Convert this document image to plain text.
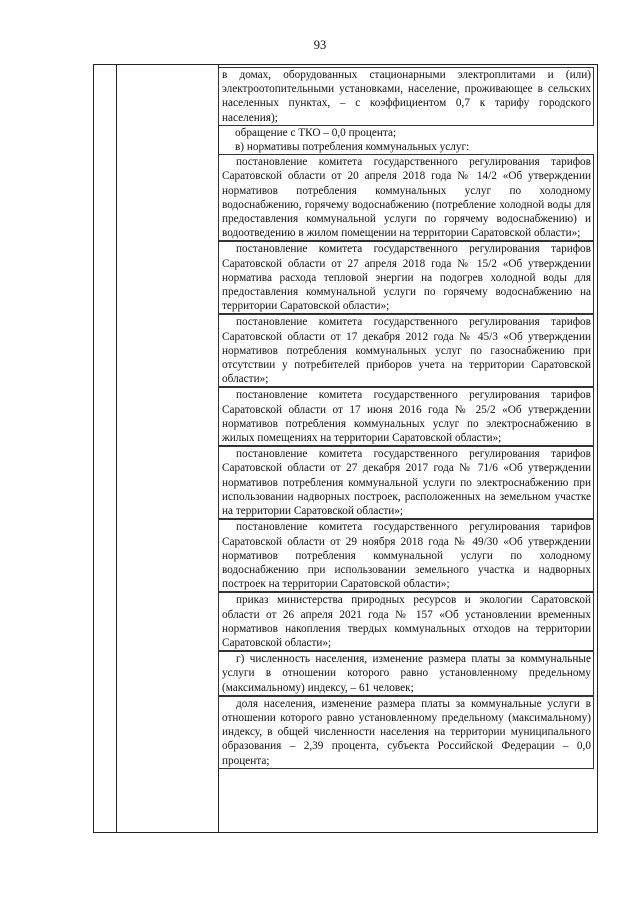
93

в домах, оборудованных стационарными электроплитами и (или) электроотопительными установками, население, проживающее в сельских населенных пунктах, – с коэффициентом 0,7 к тарифу городского населения);

обращение с ТКО – 0,0 процента;

в) нормативы потребления коммунальных услуг:

постановление комитета государственного регулирования тарифов Саратовской области от 20 апреля 2018 года № 14/2 «Об утверждении нормативов потребления коммунальных услуг по холодному водоснабжению, горячему водоснабжению (потребление холодной воды для предоставления коммунальной услуги по горячему водоснабжению) и водоотведению в жилом помещении на территории Саратовской области»;

постановление комитета государственного регулирования тарифов Саратовской области от 27 апреля 2018 года № 15/2 «Об утверждении норматива расхода тепловой энергии на подогрев холодной воды для предоставления коммунальной услуги по горячему водоснабжению на территории Саратовской области»;

постановление комитета государственного регулирования тарифов Саратовской области от 17 декабря 2012 года № 45/3 «Об утверждении нормативов потребления коммунальных услуг по газоснабжению при отсутствии у потребителей приборов учета на территории Саратовской области»;

постановление комитета государственного регулирования тарифов Саратовской области от 17 июня 2016 года № 25/2 «Об утверждении нормативов потребления коммунальных услуг по электроснабжению в жилых помещениях на территории Саратовской области»;

постановление комитета государственного регулирования тарифов Саратовской области от 27 декабря 2017 года № 71/6 «Об утверждении нормативов потребления коммунальной услуги по электроснабжению при использовании надворных построек, расположенных на земельном участке на территории Саратовской области»;

постановление комитета государственного регулирования тарифов Саратовской области от 29 ноября 2018 года № 49/30 «Об утверждении нормативов потребления коммунальной услуги по холодному водоснабжению при использовании земельного участка и надворных построек на территории Саратовской области»;

приказ министерства природных ресурсов и экологии Саратовской области от 26 апреля 2021 года № 157 «Об установлении временных нормативов накопления твердых коммунальных отходов на территории Саратовской области»;

г) численность населения, изменение размера платы за коммунальные услуги в отношении которого равно установленному предельному (максимальному) индексу, – 61 человек;

доля населения, изменение размера платы за коммунальные услуги в отношении которого равно установленному предельному (максимальному) индексу, в общей численности населения на территории муниципального образования – 2,39 процента, субъекта Российской Федерации – 0,0 процента;
